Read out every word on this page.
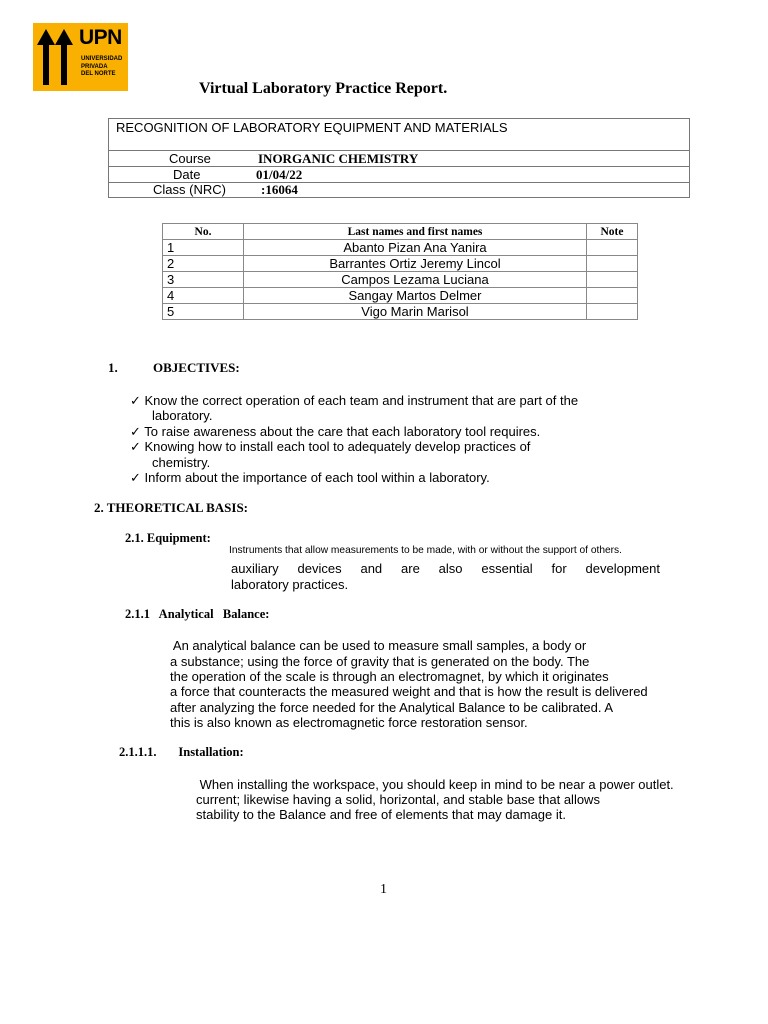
UPN
UNIVERSIDAD
PRIVADA
DEL NORTE
Virtual Laboratory Practice Report.
RECOGNITION OF LABORATORY EQUIPMENT AND MATERIALS
Course	INORGANIC CHEMISTRY
Date	01/04/22
Class (NRC)	:16064
No.	Last names and first names	Note
1	Abanto Pizan Ana Yanira	
2	Barrantes Ortiz Jeremy Lincol	
3	Campos Lezama Luciana	
4	Sangay Martos Delmer	
5	Vigo Marin Marisol	
1.	OBJECTIVES:
✓ Know the correct operation of each team and instrument that are part of the
laboratory.
✓ To raise awareness about the care that each laboratory tool requires.
✓ Knowing how to install each tool to adequately develop practices of
chemistry.
✓ Inform about the importance of each tool within a laboratory.
2. THEORETICAL BASIS:
2.1. Equipment:
Instruments that allow measurements to be made, with or without the support of others.
auxiliary devices and are also essential for development
laboratory practices.
2.1.1   Analytical   Balance:
An analytical balance can be used to measure small samples, a body or
a substance; using the force of gravity that is generated on the body. The
the operation of the scale is through an electromagnet, by which it originates
a force that counteracts the measured weight and that is how the result is delivered
after analyzing the force needed for the Analytical Balance to be calibrated. A
this is also known as electromagnetic force restoration sensor.
2.1.1.1.       Installation:
When installing the workspace, you should keep in mind to be near a power outlet.
current; likewise having a solid, horizontal, and stable base that allows
stability to the Balance and free of elements that may damage it.
1
